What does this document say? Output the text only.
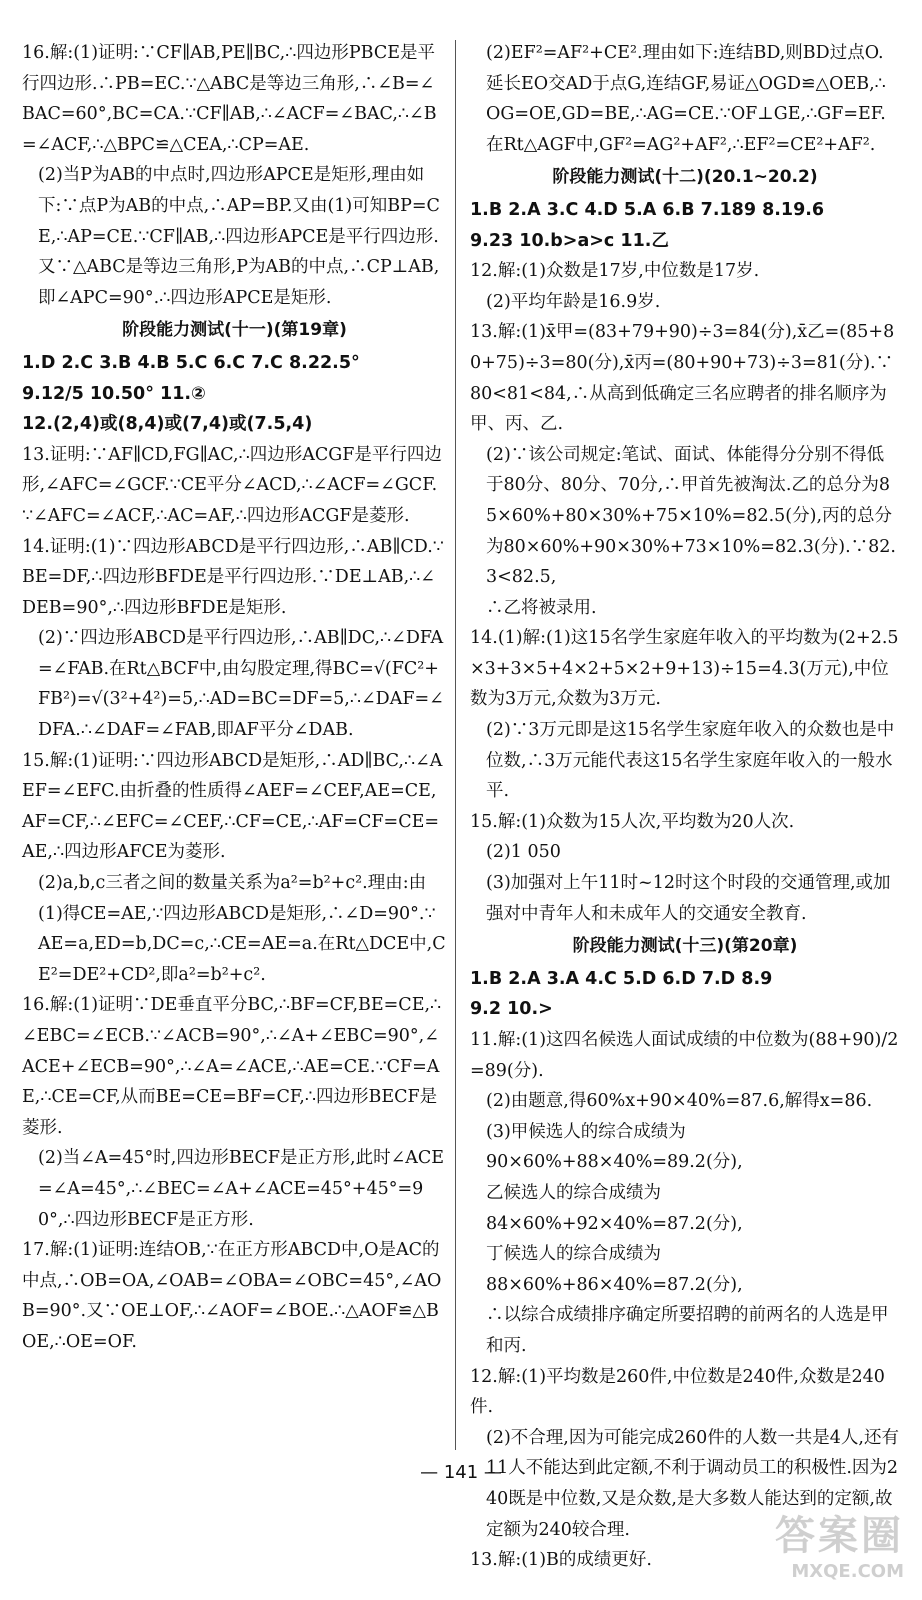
16.解:(1)证明:∵CF∥AB,PE∥BC,∴四边形PBCE是平行四边形.∴PB=EC.∵△ABC是等边三角形,∴∠B=∠BAC=60°,BC=CA.∵CF∥AB,∴∠ACF=∠BAC,∴∠B=∠ACF,∴△BPC≌△CEA,∴CP=AE.
(2)当P为AB的中点时,四边形APCE是矩形,理由如下:∵点P为AB的中点,∴AP=BP.又由(1)可知BP=CE,∴AP=CE.∵CF∥AB,∴四边形APCE是平行四边形.又∵△ABC是等边三角形,P为AB的中点,∴CP⊥AB,即∠APC=90°.∴四边形APCE是矩形.
阶段能力测试(十一)(第19章)
1.D 2.C 3.B 4.B 5.C 6.C 7.C 8.22.5°
9.12/5 10.50° 11.②
12.(2,4)或(8,4)或(7,4)或(7.5,4)
13.证明:∵AF∥CD,FG∥AC,∴四边形ACGF是平行四边形,∠AFC=∠GCF.∵CE平分∠ACD,∴∠ACF=∠GCF.∵∠AFC=∠ACF,∴AC=AF,∴四边形ACGF是菱形.
14.证明:(1)∵四边形ABCD是平行四边形,∴AB∥CD.∵BE=DF,∴四边形BFDE是平行四边形.∵DE⊥AB,∴∠DEB=90°,∴四边形BFDE是矩形.
(2)∵四边形ABCD是平行四边形,∴AB∥DC,∴∠DFA=∠FAB.在Rt△BCF中,由勾股定理,得BC=√(FC²+FB²)=√(3²+4²)=5,∴AD=BC=DF=5,∴∠DAF=∠DFA.∴∠DAF=∠FAB,即AF平分∠DAB.
15.解:(1)证明:∵四边形ABCD是矩形,∴AD∥BC,∴∠AEF=∠EFC.由折叠的性质得∠AEF=∠CEF,AE=CE,AF=CF,∴∠EFC=∠CEF,∴CF=CE,∴AF=CF=CE=AE,∴四边形AFCE为菱形.
(2)a,b,c三者之间的数量关系为a²=b²+c².理由:由(1)得CE=AE,∵四边形ABCD是矩形,∴∠D=90°.∵AE=a,ED=b,DC=c,∴CE=AE=a.在Rt△DCE中,CE²=DE²+CD²,即a²=b²+c².
16.解:(1)证明∵DE垂直平分BC,∴BF=CF,BE=CE,∴∠EBC=∠ECB.∵∠ACB=90°,∴∠A+∠EBC=90°,∠ACE+∠ECB=90°,∴∠A=∠ACE,∴AE=CE.∵CF=AE,∴CE=CF,从而BE=CE=BF=CF,∴四边形BECF是菱形.
(2)当∠A=45°时,四边形BECF是正方形,此时∠ACE=∠A=45°,∴∠BEC=∠A+∠ACE=45°+45°=90°,∴四边形BECF是正方形.
17.解:(1)证明:连结OB,∵在正方形ABCD中,O是AC的中点,∴OB=OA,∠OAB=∠OBA=∠OBC=45°,∠AOB=90°.又∵OE⊥OF,∴∠AOF=∠BOE.∴△AOF≌△BOE,∴OE=OF.
(2)EF²=AF²+CE².理由如下:连结BD,则BD过点O.延长EO交AD于点G,连结GF,易证△OGD≌△OEB,∴OG=OE,GD=BE,∴AG=CE.∵OF⊥GE,∴GF=EF.在Rt△AGF中,GF²=AG²+AF²,∴EF²=CE²+AF².
阶段能力测试(十二)(20.1~20.2)
1.B 2.A 3.C 4.D 5.A 6.B 7.189 8.19.6
9.23 10.b>a>c 11.乙
12.解:(1)众数是17岁,中位数是17岁.
(2)平均年龄是16.9岁.
13.解:(1)x̄甲=(83+79+90)÷3=84(分),x̄乙=(85+80+75)÷3=80(分),x̄丙=(80+90+73)÷3=81(分).∵80<81<84,∴从高到低确定三名应聘者的排名顺序为甲、丙、乙.
(2)∵该公司规定:笔试、面试、体能得分分别不得低于80分、80分、70分,∴甲首先被淘汰.乙的总分为85×60%+80×30%+75×10%=82.5(分),丙的总分为80×60%+90×30%+73×10%=82.3(分).∵82.3<82.5,
∴乙将被录用.
14.(1)解:(1)这15名学生家庭年收入的平均数为(2+2.5×3+3×5+4×2+5×2+9+13)÷15=4.3(万元),中位数为3万元,众数为3万元.
(2)∵3万元即是这15名学生家庭年收入的众数也是中位数,∴3万元能代表这15名学生家庭年收入的一般水平.
15.解:(1)众数为15人次,平均数为20人次.
(2)1 050
(3)加强对上午11时~12时这个时段的交通管理,或加强对中青年人和未成年人的交通安全教育.
阶段能力测试(十三)(第20章)
1.B 2.A 3.A 4.C 5.D 6.D 7.D 8.9
9.2 10.>
11.解:(1)这四名候选人面试成绩的中位数为(88+90)/2=89(分).
(2)由题意,得60%x+90×40%=87.6,解得x=86.
(3)甲候选人的综合成绩为
90×60%+88×40%=89.2(分),
乙候选人的综合成绩为
84×60%+92×40%=87.2(分),
丁候选人的综合成绩为
88×60%+86×40%=87.2(分),
∴以综合成绩排序确定所要招聘的前两名的人选是甲和丙.
12.解:(1)平均数是260件,中位数是240件,众数是240件.
(2)不合理,因为可能完成260件的人数一共是4人,还有11人不能达到此定额,不利于调动员工的积极性.因为240既是中位数,又是众数,是大多数人能达到的定额,故定额为240较合理.
13.解:(1)B的成绩更好.
— 141 —
答案圈
MXQE.COM
